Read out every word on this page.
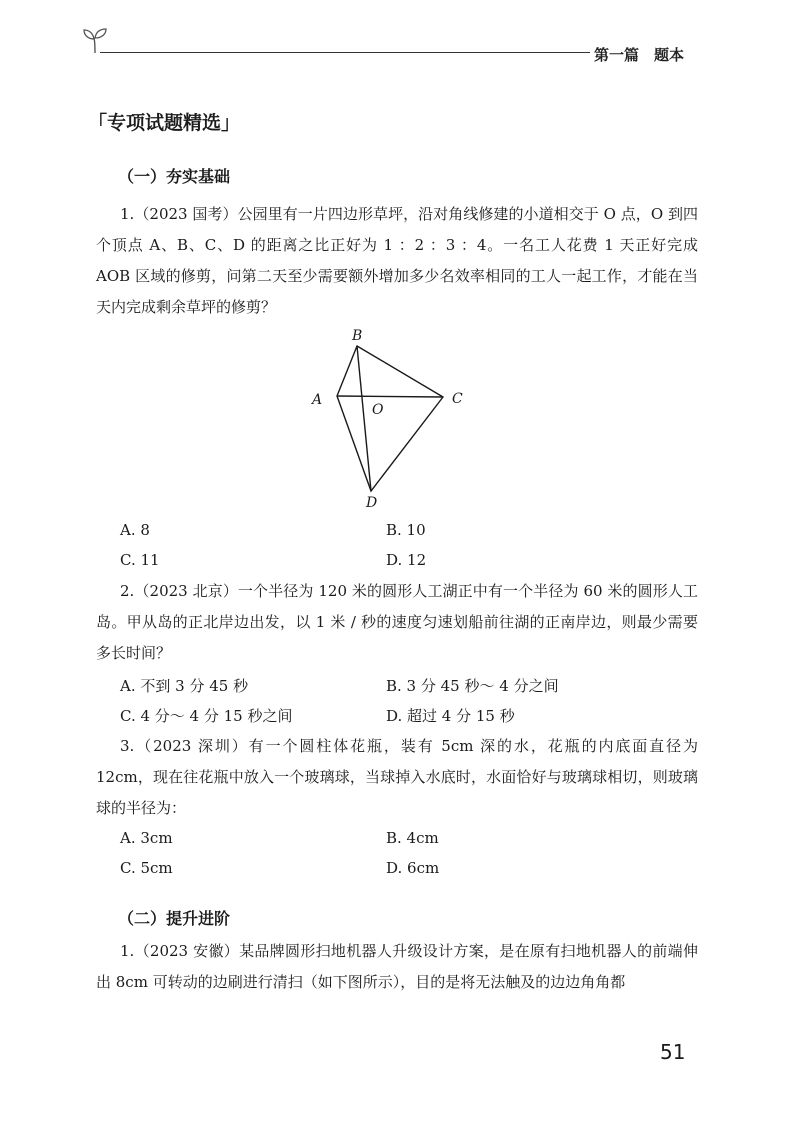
第一篇　题本
「专项试题精选」
（一）夯实基础
1.（2023 国考）公园里有一片四边形草坪，沿对角线修建的小道相交于 O 点，O 到四个顶点 A、B、C、D 的距离之比正好为 1 ：2 ：3 ：4。一名工人花费 1 天正好完成 AOB 区域的修剪，问第二天至少需要额外增加多少名效率相同的工人一起工作，才能在当天内完成剩余草坪的修剪？
B
A
O
C
D
A. 8	B. 10
C. 11	D. 12
2.（2023 北京）一个半径为 120 米的圆形人工湖正中有一个半径为 60 米的圆形人工岛。甲从岛的正北岸边出发，以 1 米 / 秒的速度匀速划船前往湖的正南岸边，则最少需要多长时间？
A. 不到 3 分 45 秒	B. 3 分 45 秒～ 4 分之间
C. 4 分～ 4 分 15 秒之间	D. 超过 4 分 15 秒
3.（2023 深圳）有一个圆柱体花瓶，装有 5cm 深的水，花瓶的内底面直径为 12cm，现在往花瓶中放入一个玻璃球，当球掉入水底时，水面恰好与玻璃球相切，则玻璃球的半径为：
A. 3cm	B. 4cm
C. 5cm	D. 6cm
（二）提升进阶
1.（2023 安徽）某品牌圆形扫地机器人升级设计方案，是在原有扫地机器人的前端伸出 8cm 可转动的边刷进行清扫（如下图所示），目的是将无法触及的边边角角都
51
